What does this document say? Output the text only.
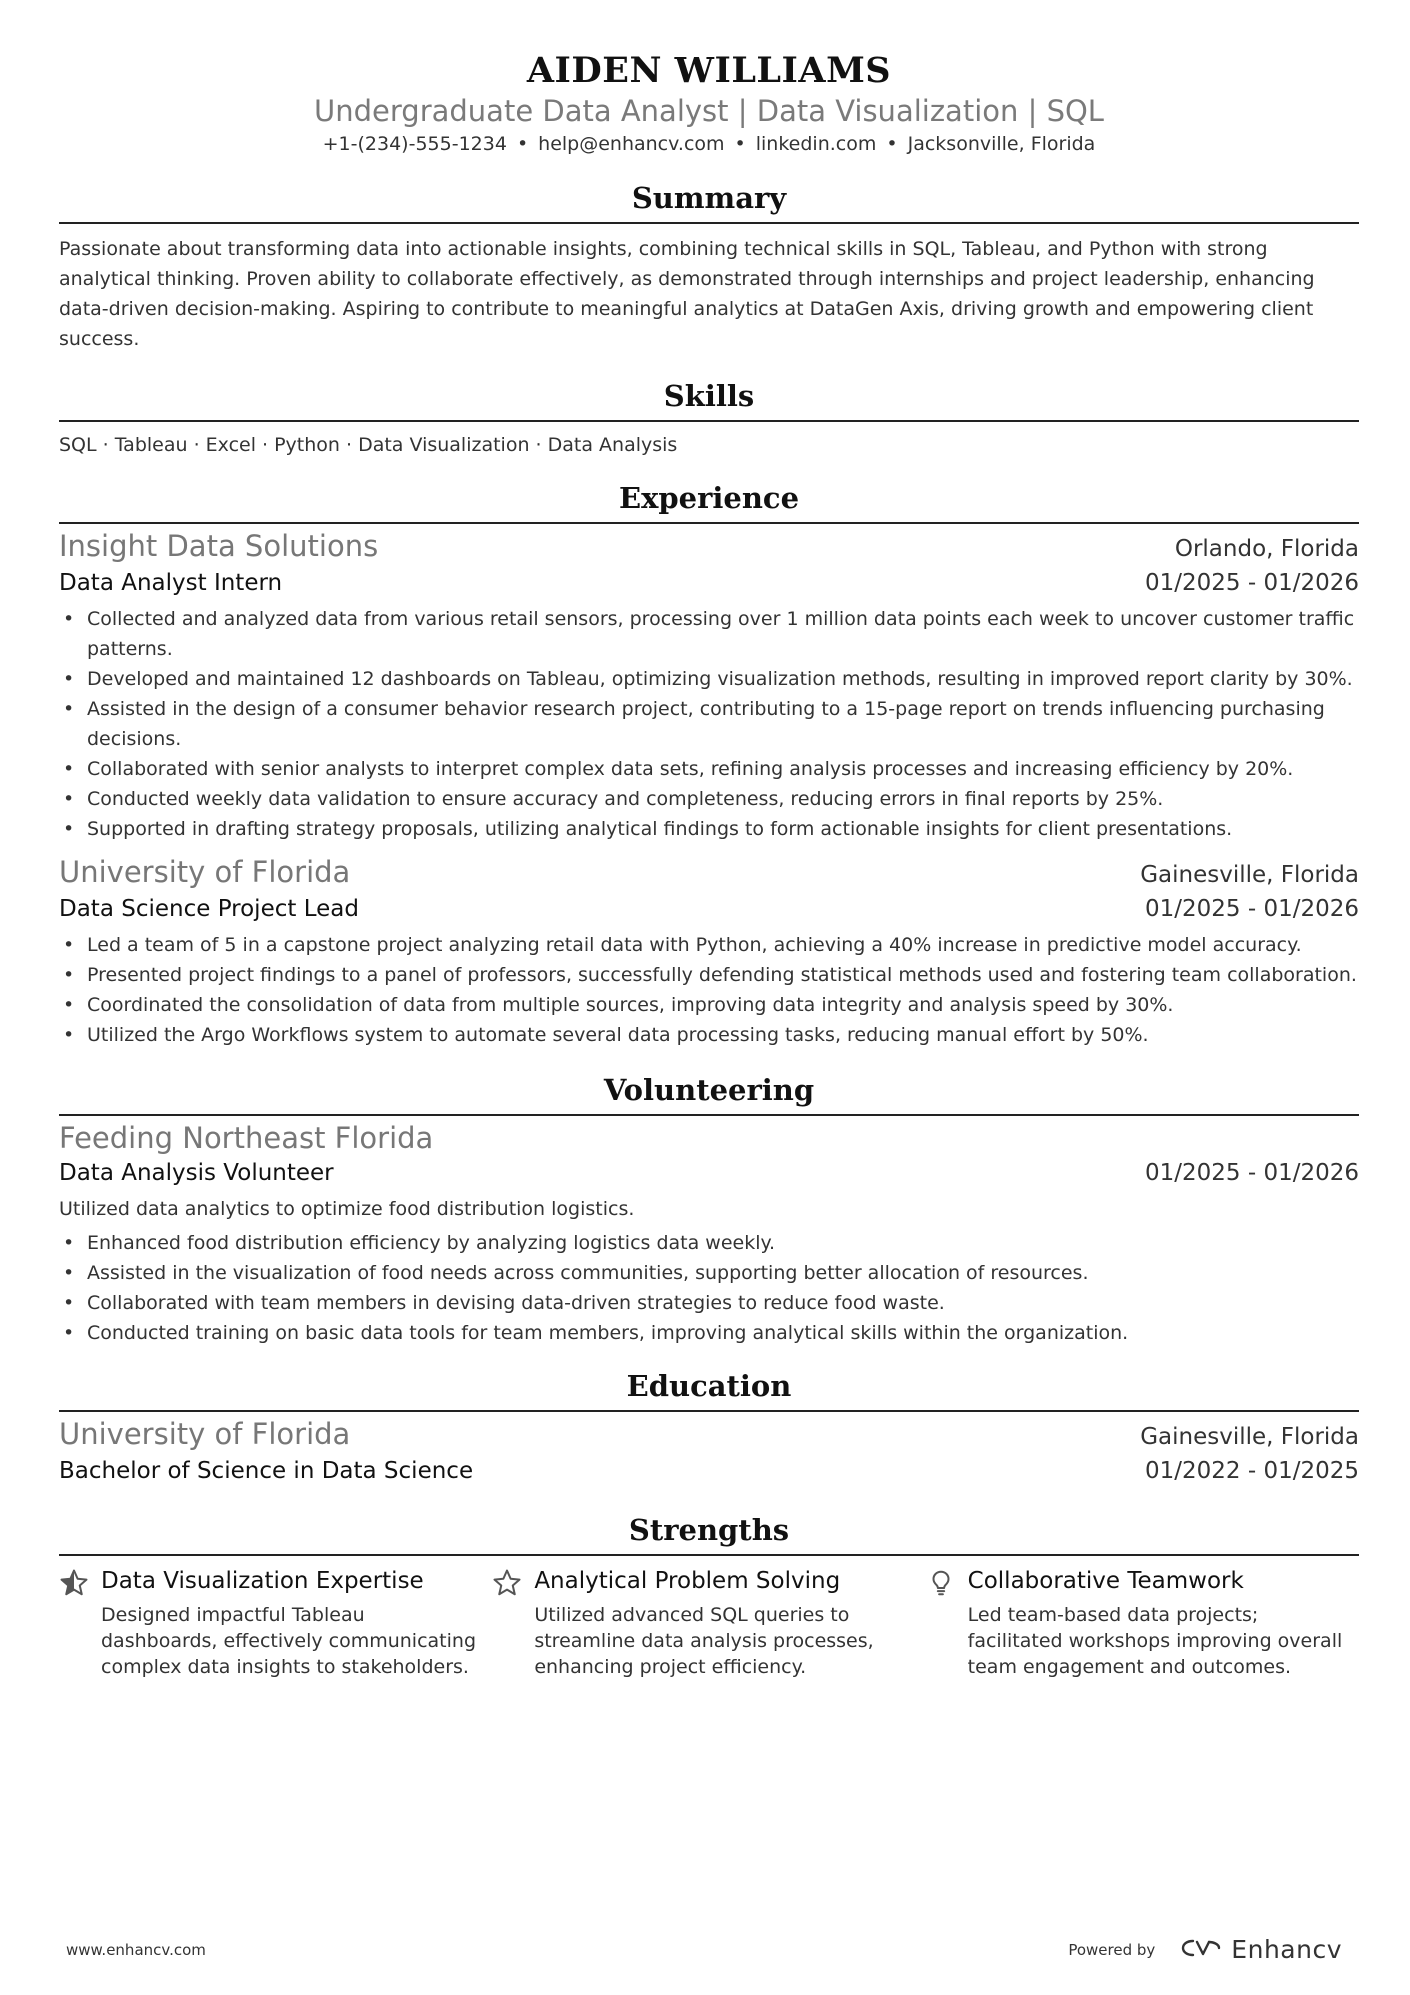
AIDEN WILLIAMS
Undergraduate Data Analyst | Data Visualization | SQL
+1-(234)-555-1234 • help@enhancv.com • linkedin.com • Jacksonville, Florida
Summary
Passionate about transforming data into actionable insights, combining technical skills in SQL, Tableau, and Python with strong analytical thinking. Proven ability to collaborate effectively, as demonstrated through internships and project leadership, enhancing data-driven decision-making. Aspiring to contribute to meaningful analytics at DataGen Axis, driving growth and empowering client success.
Skills
SQL · Tableau · Excel · Python · Data Visualization · Data Analysis
Experience
Insight Data Solutions	Orlando, Florida
Data Analyst Intern	01/2025 - 01/2026
• Collected and analyzed data from various retail sensors, processing over 1 million data points each week to uncover customer traffic patterns.
• Developed and maintained 12 dashboards on Tableau, optimizing visualization methods, resulting in improved report clarity by 30%.
• Assisted in the design of a consumer behavior research project, contributing to a 15-page report on trends influencing purchasing decisions.
• Collaborated with senior analysts to interpret complex data sets, refining analysis processes and increasing efficiency by 20%.
• Conducted weekly data validation to ensure accuracy and completeness, reducing errors in final reports by 25%.
• Supported in drafting strategy proposals, utilizing analytical findings to form actionable insights for client presentations.
University of Florida	Gainesville, Florida
Data Science Project Lead	01/2025 - 01/2026
• Led a team of 5 in a capstone project analyzing retail data with Python, achieving a 40% increase in predictive model accuracy.
• Presented project findings to a panel of professors, successfully defending statistical methods used and fostering team collaboration.
• Coordinated the consolidation of data from multiple sources, improving data integrity and analysis speed by 30%.
• Utilized the Argo Workflows system to automate several data processing tasks, reducing manual effort by 50%.
Volunteering
Feeding Northeast Florida
Data Analysis Volunteer	01/2025 - 01/2026
Utilized data analytics to optimize food distribution logistics.
• Enhanced food distribution efficiency by analyzing logistics data weekly.
• Assisted in the visualization of food needs across communities, supporting better allocation of resources.
• Collaborated with team members in devising data-driven strategies to reduce food waste.
• Conducted training on basic data tools for team members, improving analytical skills within the organization.
Education
University of Florida	Gainesville, Florida
Bachelor of Science in Data Science	01/2022 - 01/2025
Strengths
Data Visualization Expertise
Designed impactful Tableau dashboards, effectively communicating complex data insights to stakeholders.
Analytical Problem Solving
Utilized advanced SQL queries to streamline data analysis processes, enhancing project efficiency.
Collaborative Teamwork
Led team-based data projects; facilitated workshops improving overall team engagement and outcomes.
www.enhancv.com	Powered by	Enhancv
